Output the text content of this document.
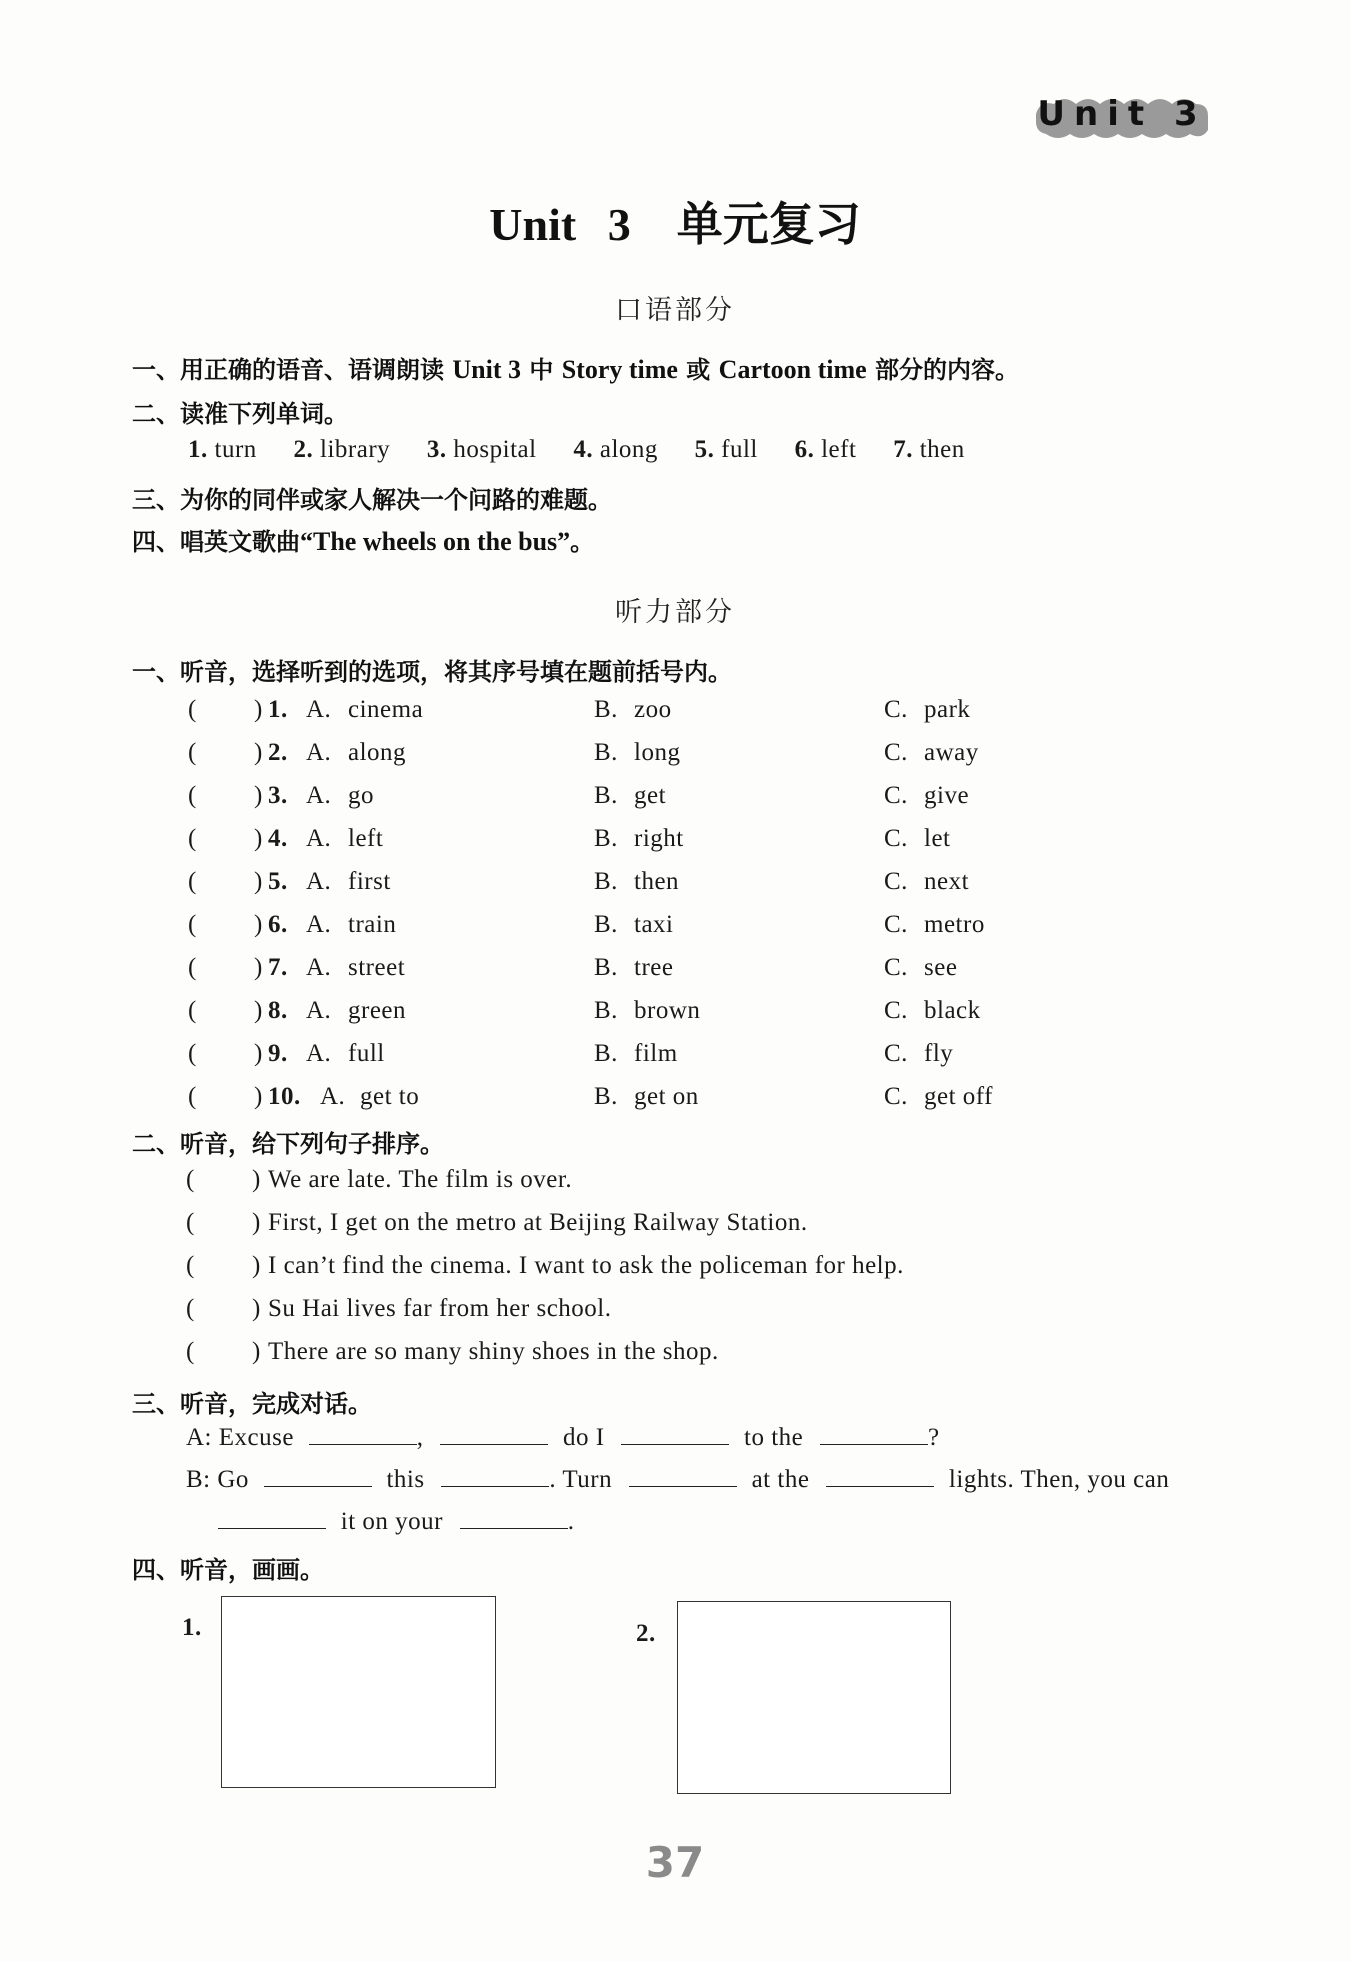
Unit 3
Unit 3　单元复习
口语部分
一、用正确的语音、语调朗读 Unit 3 中 Story time 或 Cartoon time 部分的内容。
二、读准下列单词。
1. turn 2. library 3. hospital 4. along 5. full 6. left 7. then
三、为你的同伴或家人解决一个问路的难题。
四、唱英文歌曲“The wheels on the bus”。
听力部分
一、听音，选择听到的选项，将其序号填在题前括号内。
( ) 1. A. cinema	B. zoo	C. park
( ) 2. A. along	B. long	C. away
( ) 3. A. go	B. get	C. give
( ) 4. A. left	B. right	C. let
( ) 5. A. first	B. then	C. next
( ) 6. A. train	B. taxi	C. metro
( ) 7. A. street	B. tree	C. see
( ) 8. A. green	B. brown	C. black
( ) 9. A. full	B. film	C. fly
( ) 10. A. get to	B. get on	C. get off
二、听音，给下列句子排序。
( ) We are late. The film is over.
( ) First, I get on the metro at Beijing Railway Station.
( ) I can’t find the cinema. I want to ask the policeman for help.
( ) Su Hai lives far from her school.
( ) There are so many shiny shoes in the shop.
三、听音，完成对话。
A: Excuse	,	do I	to the	?
B: Go	this	. Turn	at the	lights. Then, you can
it on your	.
四、听音，画画。
1.	2.
37
